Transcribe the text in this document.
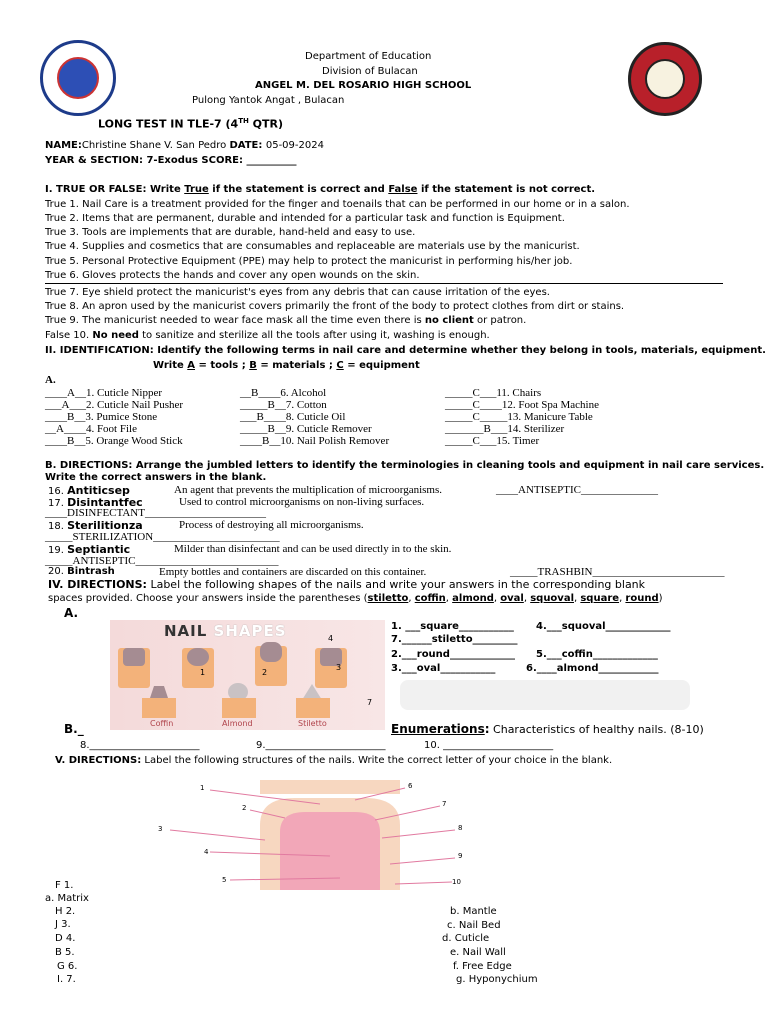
Department of Education
Division of Bulacan
ANGEL M. DEL ROSARIO HIGH SCHOOL
Pulong Yantok Angat , Bulacan
LONG TEST IN TLE-7 (4TH QTR)
NAME:Christine Shane V. San Pedro DATE: 05-09-2024
YEAR & SECTION: 7-Exodus SCORE: __________
I. TRUE OR FALSE: Write True if the statement is correct and False if the statement is not correct.
True 1. Nail Care is a treatment provided for the finger and toenails that can be performed in our home or in a salon.
True 2. Items that are permanent, durable and intended for a particular task and function is Equipment.
True 3. Tools are implements that are durable, hand-held and easy to use.
True 4. Supplies and cosmetics that are consumables and replaceable are materials use by the manicurist.
True 5. Personal Protective Equipment (PPE) may help to protect the manicurist in performing his/her job.
True 6. Gloves protects the hands and cover any open wounds on the skin.
True 7. Eye shield protect the manicurist's eyes from any debris that can cause irritation of the eyes.
True 8. An apron used by the manicurist covers primarily the front of the body to protect clothes from dirt or stains.
True 9. The manicurist needed to wear face mask all the time even there is no client or patron.
False 10. No need to sanitize and sterilize all the tools after using it, washing is enough.
II. IDENTIFICATION: Identify the following terms in nail care and determine whether they belong in tools, materials, equipment.
Write A = tools ; B = materials ; C = equipment
A.
____A__1. Cuticle Nipper
___A___2. Cuticle Nail Pusher
____B__3. Pumice Stone
__A____4. Foot File
____B__5. Orange Wood Stick
__B____6. Alcohol
_____B__7. Cotton
___B____8. Cuticle Oil
_____B__9. Cuticle Remover
____B__10. Nail Polish Remover
_____C___11. Chairs
_____C____12. Foot Spa Machine
_____C_____13. Manicure Table
_______B___14. Sterilizer
_____C___15. Timer
B. DIRECTIONS: Arrange the jumbled letters to identify the terminologies in cleaning tools and equipment in nail care services.
Write the correct answers in the blank.
16. Antiticsep	An agent that prevents the multiplication of microorganisms.	____ANTISEPTIC______________
17. Disintantfec	Used to control microorganisms on non-living surfaces.
____DISINFECTANT______________________
18. Sterilitionza	Process of destroying all microorganisms.
_____STERILIZATION_______________________
19. Septiantic	Milder than disinfectant and can be used directly in to the skin.
_____ANTISEPTIC__________________________
20. Bintrash	Empty bottles and containers are discarded on this container.	_____TRASHBIN________________________
IV. DIRECTIONS: Label the following shapes of the nails and write your answers in the corresponding blank
spaces provided. Choose your answers inside the parentheses (stiletto, coffin, almond, oval, squoval, square, round)
A.
NAIL SHAPES	4
1	2
3
7
Coffin	Almond	Stiletto
1. ___square___________ 4.___squoval_____________
7.______stiletto_________
2.___round_____________ 5.___coffin_____________
3.___oval___________	6.____almond____________
B._	Enumerations: Characteristics of healthy nails. (8-10)
8.______________________	9.________________________	10. ______________________
V. DIRECTIONS: Label the following structures of the nails. Write the correct letter of your choice in the blank.
1
2
3
4
5
6
7
8
9
10
F 1.
a. Matrix
H 2.
J 3.
D 4.
B 5.
G 6.
I. 7.
b. Mantle
c. Nail Bed
d. Cuticle
e. Nail Wall
f. Free Edge
g. Hyponychium
